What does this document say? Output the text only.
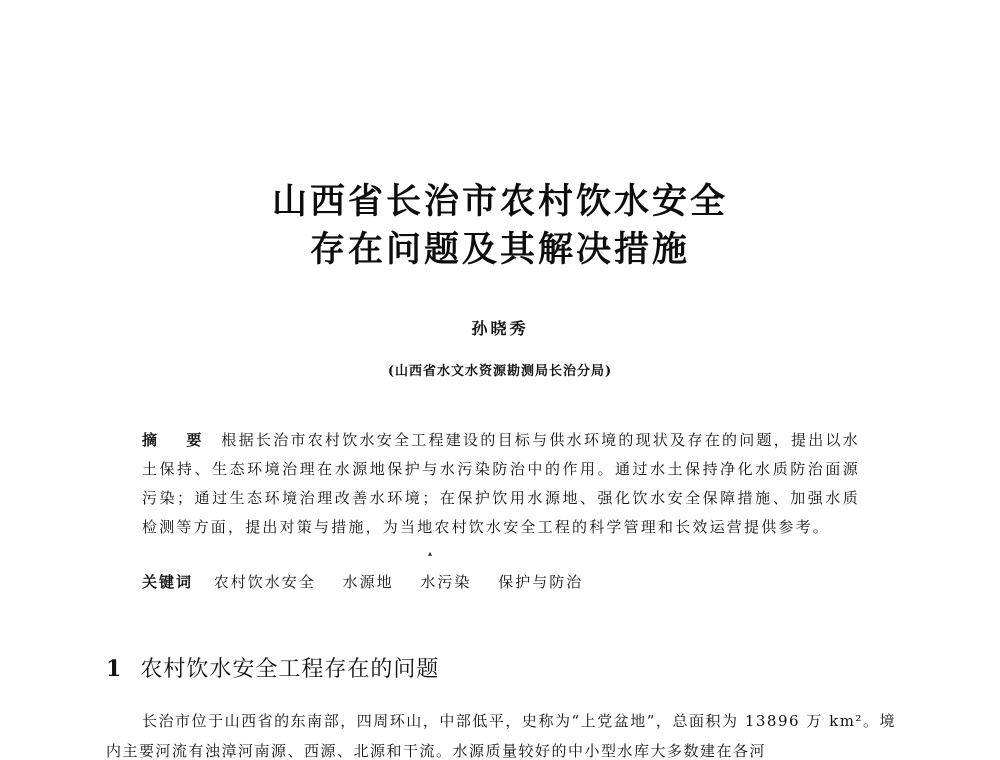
山西省长治市农村饮水安全
存在问题及其解决措施
孙晓秀
(山西省水文水资源勘测局长治分局)
摘 要 根据长治市农村饮水安全工程建设的目标与供水环境的现状及存在的问题，提出以水土保持、生态环境治理在水源地保护与水污染防治中的作用。通过水土保持净化水质防治面源污染；通过生态环境治理改善水环境；在保护饮用水源地、强化饮水安全保障措施、加强水质检测等方面，提出对策与措施，为当地农村饮水安全工程的科学管理和长效运营提供参考。
▴
关键词 农村饮水安全 水源地 水污染 保护与防治
1 农村饮水安全工程存在的问题
长治市位于山西省的东南部，四周环山，中部低平，史称为“上党盆地”，总面积为 13896 万 km²。境内主要河流有浊漳河南源、西源、北源和干流。水源质量较好的中小型水库大多数建在各河
